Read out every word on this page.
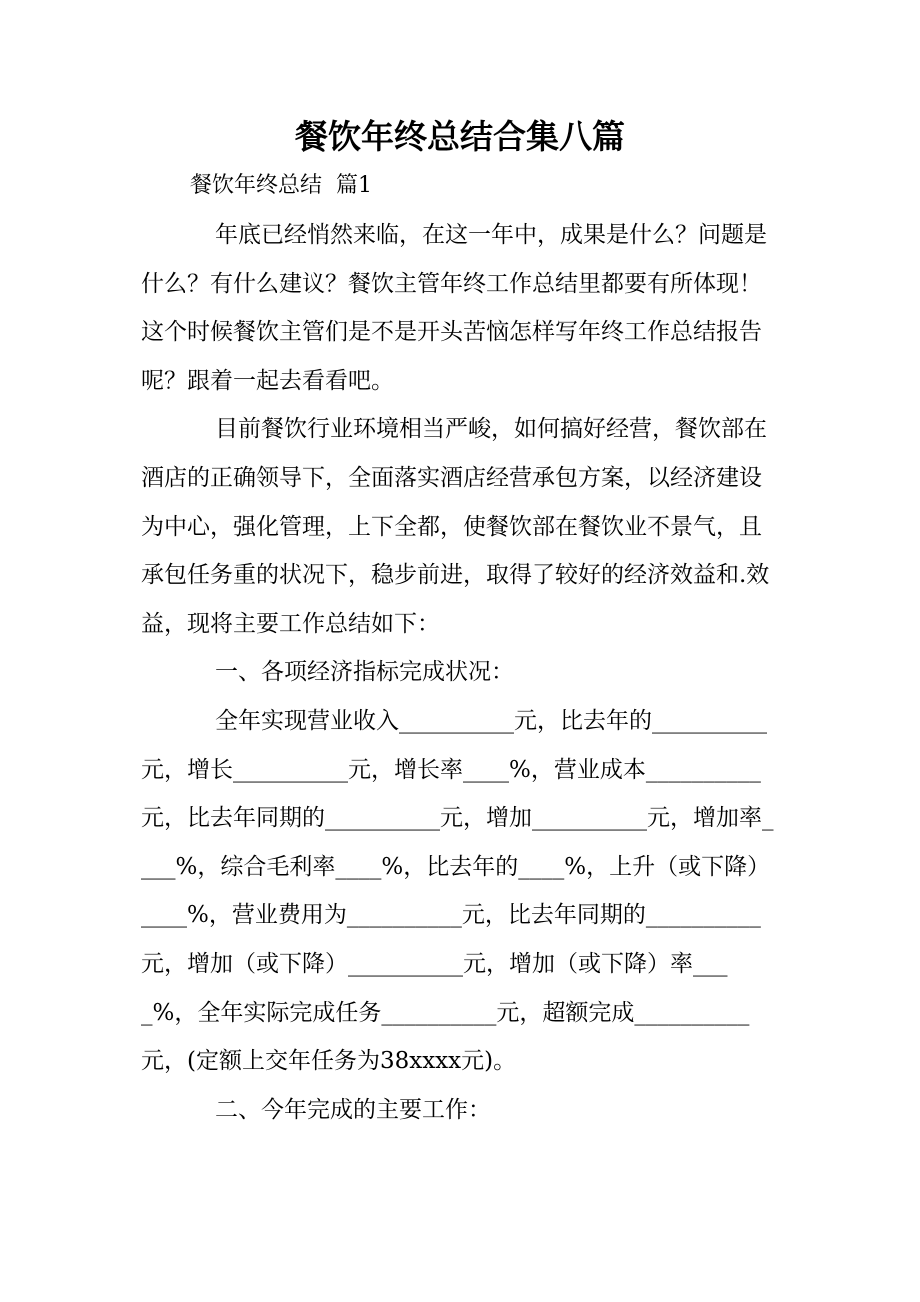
餐饮年终总结合集八篇
餐饮年终总结  篇1

年底已经悄然来临，在这一年中，成果是什么？问题是什么？有什么建议？餐饮主管年终工作总结里都要有所体现！这个时候餐饮主管们是不是开头苦恼怎样写年终工作总结报告呢？跟着一起去看看吧。

目前餐饮行业环境相当严峻，如何搞好经营，餐饮部在酒店的正确领导下，全面落实酒店经营承包方案，以经济建设为中心，强化管理，上下全都，使餐饮部在餐饮业不景气，且承包任务重的状况下，稳步前进，取得了较好的经济效益和.效益，现将主要工作总结如下：

一、各项经济指标完成状况：

全年实现营业收入__________元，比去年的__________元，增长__________元，增长率____%，营业成本__________元，比去年同期的__________元，增加__________元，增加率____%，综合毛利率____%，比去年的____%，上升（或下降）____%，营业费用为__________元，比去年同期的__________元，增加（或下降）__________元，增加（或下降）率____%，全年实际完成任务__________元，超额完成__________元，(定额上交年任务为38xxxx元)。

二、今年完成的主要工作：
